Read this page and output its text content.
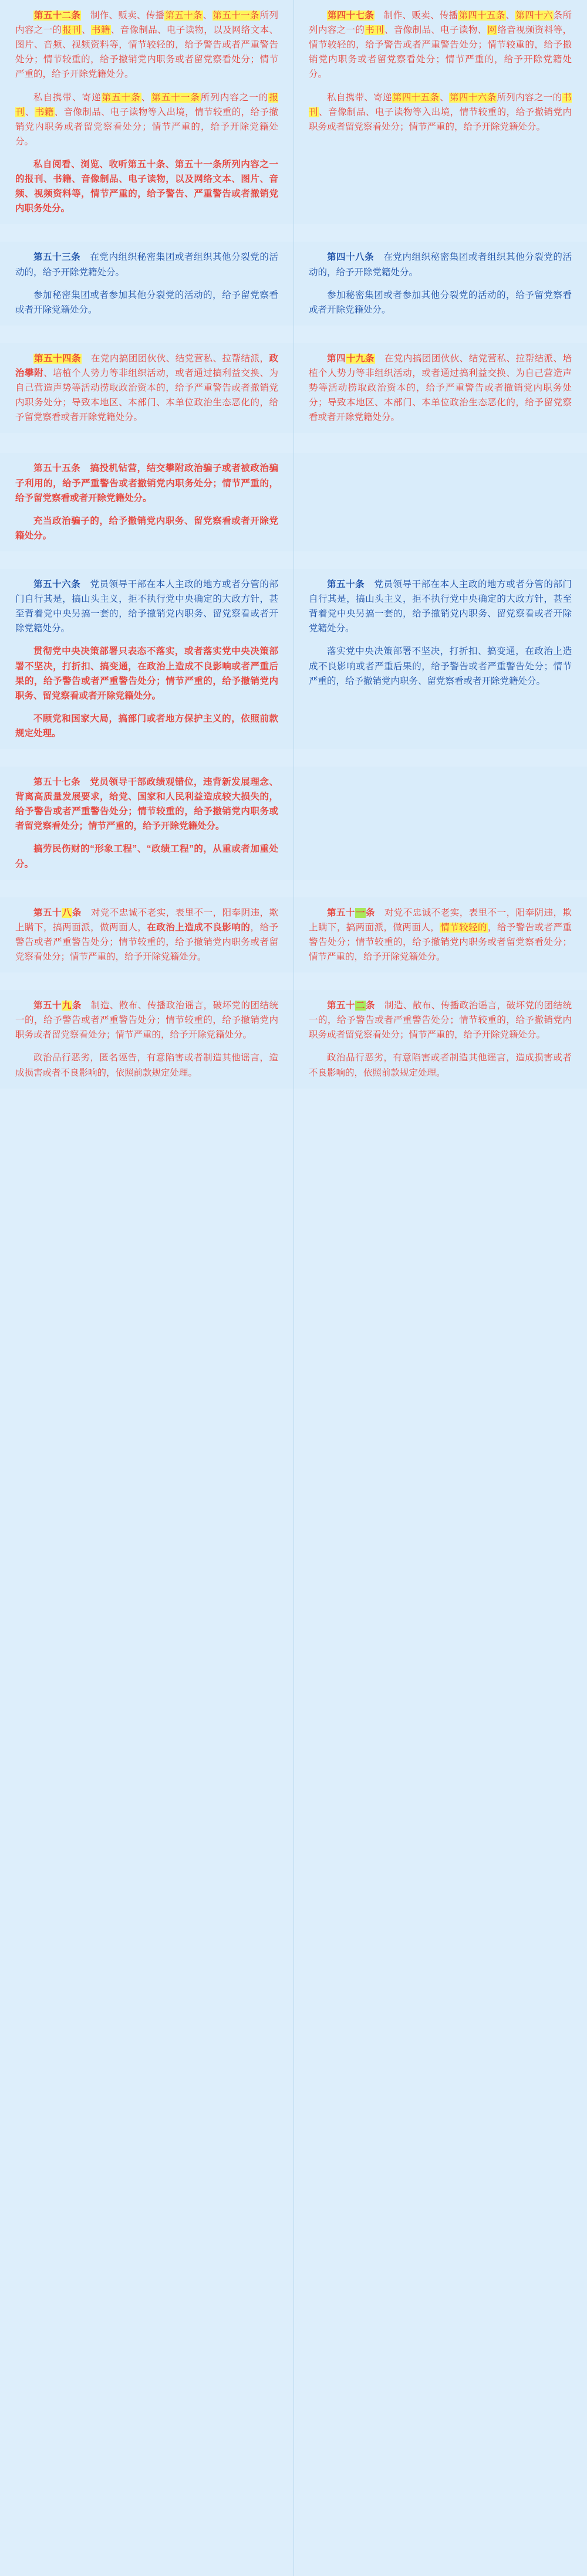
第五十二条　制作、贩卖、传播第五十条、第五十一条所列内容之一的报刊、书籍、音像制品、电子读物，以及网络文本、图片、音频、视频资料等，情节较轻的，给予警告或者严重警告处分；情节较重的，给予撤销党内职务或者留党察看处分；情节严重的，给予开除党籍处分。

私自携带、寄递第五十条、第五十一条所列内容之一的报刊、书籍、音像制品、电子读物等入出境，情节较重的，给予撤销党内职务或者留党察看处分；情节严重的，给予开除党籍处分。

私自阅看、浏览、收听第五十条、第五十一条所列内容之一的报刊、书籍、音像制品、电子读物，以及网络文本、图片、音频、视频资料等，情节严重的，给予警告、严重警告或者撤销党内职务处分。

第四十七条　制作、贩卖、传播第四十五条、第四十六条所列内容之一的书刊、音像制品、电子读物、网络音视频资料等，情节较轻的，给予警告或者严重警告处分；情节较重的，给予撤销党内职务或者留党察看处分；情节严重的，给予开除党籍处分。

私自携带、寄递第四十五条、第四十六条所列内容之一的书刊、音像制品、电子读物等入出境，情节较重的，给予撤销党内职务或者留党察看处分；情节严重的，给予开除党籍处分。

第五十三条　在党内组织秘密集团或者组织其他分裂党的活动的，给予开除党籍处分。

参加秘密集团或者参加其他分裂党的活动的，给予留党察看或者开除党籍处分。

第四十八条　在党内组织秘密集团或者组织其他分裂党的活动的，给予开除党籍处分。

参加秘密集团或者参加其他分裂党的活动的，给予留党察看或者开除党籍处分。

第五十四条　在党内搞团团伙伙、结党营私、拉帮结派，政治攀附、培植个人势力等非组织活动，或者通过搞利益交换、为自己营造声势等活动捞取政治资本的，给予严重警告或者撤销党内职务处分；导致本地区、本部门、本单位政治生态恶化的，给予留党察看或者开除党籍处分。

第四十九条　在党内搞团团伙伙、结党营私、拉帮结派、培植个人势力等非组织活动，或者通过搞利益交换、为自己营造声势等活动捞取政治资本的，给予严重警告或者撤销党内职务处分；导致本地区、本部门、本单位政治生态恶化的，给予留党察看或者开除党籍处分。

第五十五条　搞投机钻营，结交攀附政治骗子或者被政治骗子利用的，给予严重警告或者撤销党内职务处分；情节严重的，给予留党察看或者开除党籍处分。

充当政治骗子的，给予撤销党内职务、留党察看或者开除党籍处分。

第五十六条　党员领导干部在本人主政的地方或者分管的部门自行其是，搞山头主义，拒不执行党中央确定的大政方针，甚至背着党中央另搞一套的，给予撤销党内职务、留党察看或者开除党籍处分。

贯彻党中央决策部署只表态不落实，或者落实党中央决策部署不坚决，打折扣、搞变通，在政治上造成不良影响或者严重后果的，给予警告或者严重警告处分；情节严重的，给予撤销党内职务、留党察看或者开除党籍处分。

不顾党和国家大局，搞部门或者地方保护主义的，依照前款规定处理。

第五十条　党员领导干部在本人主政的地方或者分管的部门自行其是，搞山头主义，拒不执行党中央确定的大政方针，甚至背着党中央另搞一套的，给予撤销党内职务、留党察看或者开除党籍处分。

落实党中央决策部署不坚决，打折扣、搞变通，在政治上造成不良影响或者严重后果的，给予警告或者严重警告处分；情节严重的，给予撤销党内职务、留党察看或者开除党籍处分。

第五十七条　党员领导干部政绩观错位，违背新发展理念、背离高质量发展要求，给党、国家和人民利益造成较大损失的，给予警告或者严重警告处分；情节较重的，给予撤销党内职务或者留党察看处分；情节严重的，给予开除党籍处分。

搞劳民伤财的“形象工程”、“政绩工程”的，从重或者加重处分。

第五十八条　对党不忠诚不老实，表里不一，阳奉阴违，欺上瞒下，搞两面派，做两面人，在政治上造成不良影响的，给予警告或者严重警告处分；情节较重的，给予撤销党内职务或者留党察看处分；情节严重的，给予开除党籍处分。

第五十一条　对党不忠诚不老实，表里不一，阳奉阴违，欺上瞒下，搞两面派，做两面人，情节较轻的，给予警告或者严重警告处分；情节较重的，给予撤销党内职务或者留党察看处分；情节严重的，给予开除党籍处分。

第五十九条　制造、散布、传播政治谣言，破坏党的团结统一的，给予警告或者严重警告处分；情节较重的，给予撤销党内职务或者留党察看处分；情节严重的，给予开除党籍处分。

政治品行恶劣，匿名诬告，有意陷害或者制造其他谣言，造成损害或者不良影响的，依照前款规定处理。

第五十二条　制造、散布、传播政治谣言，破坏党的团结统一的，给予警告或者严重警告处分；情节较重的，给予撤销党内职务或者留党察看处分；情节严重的，给予开除党籍处分。

政治品行恶劣，有意陷害或者制造其他谣言，造成损害或者不良影响的，依照前款规定处理。
